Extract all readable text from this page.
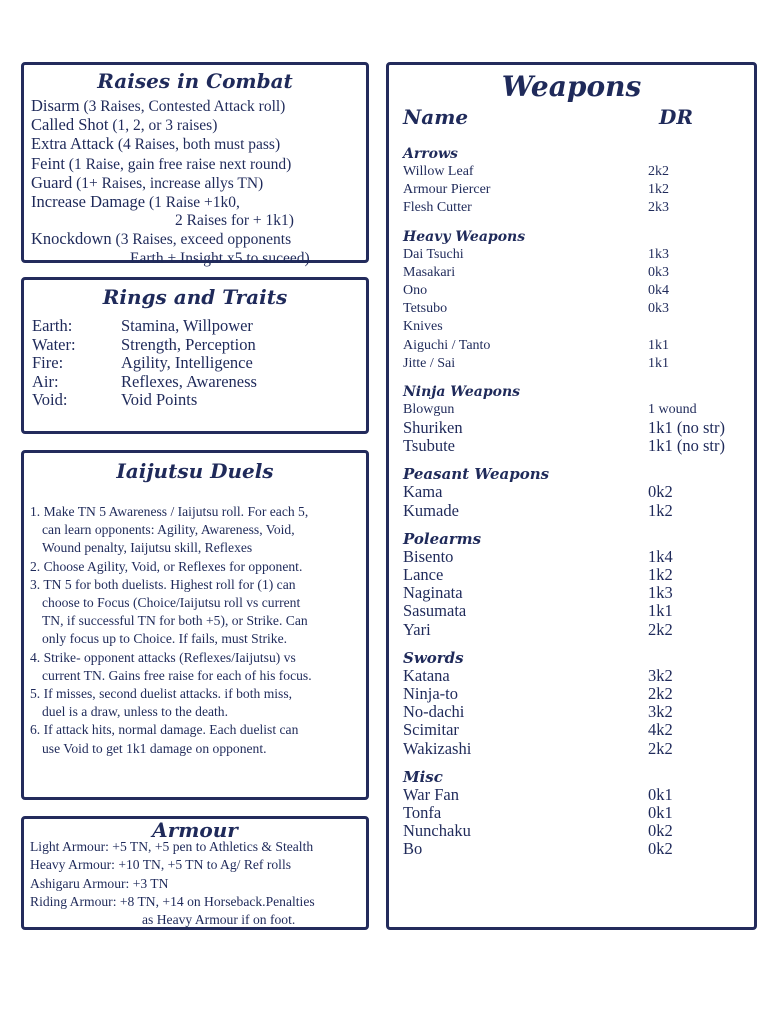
Raises in Combat
Disarm (3 Raises, Contested Attack roll)
Called Shot (1, 2, or 3 raises)
Extra Attack (4 Raises, both must pass)
Feint (1 Raise, gain free raise next round)
Guard (1+ Raises, increase allys TN)
Increase Damage (1 Raise +1k0,
2 Raises for + 1k1)
Knockdown (3 Raises, exceed opponents
Earth + Insight x5 to suceed)
Rings and Traits
Earth:	Stamina, Willpower
Water:	Strength, Perception
Fire:	Agility, Intelligence
Air:	Reflexes, Awareness
Void:	Void Points
Iaijutsu Duels
1. Make TN 5 Awareness / Iaijutsu roll. For each 5,
can learn opponents: Agility, Awareness, Void,
Wound penalty, Iaijutsu skill, Reflexes
2. Choose Agility, Void, or Reflexes for opponent.
3. TN 5 for both duelists. Highest roll for (1) can
choose to Focus (Choice/Iaijutsu roll vs current
TN, if successful TN for both +5), or Strike. Can
only focus up to Choice. If fails, must Strike.
4. Strike- opponent attacks (Reflexes/Iaijutsu) vs
current TN. Gains free raise for each of his focus.
5. If misses, second duelist attacks. if both miss,
duel is a draw, unless to the death.
6. If attack hits, normal damage. Each duelist can
use Void to get 1k1 damage on opponent.
Armour
Light Armour: +5 TN, +5 pen to Athletics & Stealth
Heavy Armour: +10 TN, +5 TN to Ag/ Ref rolls
Ashigaru Armour: +3 TN
Riding Armour: +8 TN, +14 on Horseback.Penalties
as Heavy Armour if on foot.
Weapons
Name	DR
Arrows
Willow Leaf	2k2
Armour Piercer	1k2
Flesh Cutter	2k3
Heavy Weapons
Dai Tsuchi	1k3
Masakari	0k3
Ono	0k4
Tetsubo	0k3
Knives
Aiguchi / Tanto	1k1
Jitte / Sai	1k1
Ninja Weapons
Blowgun	1 wound
Shuriken	1k1 (no str)
Tsubute	1k1 (no str)
Peasant Weapons
Kama	0k2
Kumade	1k2
Polearms
Bisento	1k4
Lance	1k2
Naginata	1k3
Sasumata	1k1
Yari	2k2
Swords
Katana	3k2
Ninja-to	2k2
No-dachi	3k2
Scimitar	4k2
Wakizashi	2k2
Misc
War Fan	0k1
Tonfa	0k1
Nunchaku	0k2
Bo	0k2
